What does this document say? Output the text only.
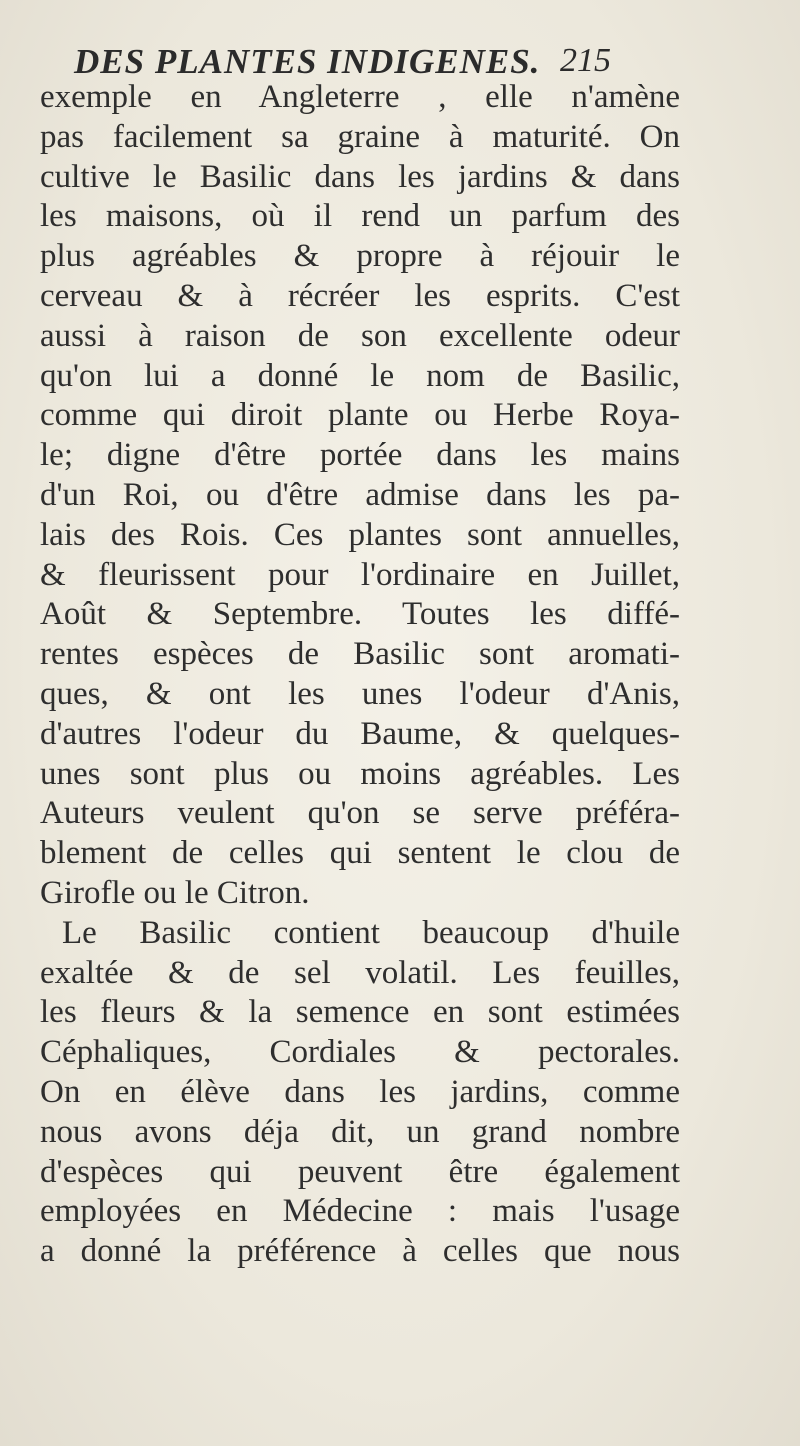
DES PLANTES INDIGENES. 215
exemple en Angleterre , elle n'amène
pas facilement sa graine à maturité. On
cultive le Basilic dans les jardins & dans
les maisons, où il rend un parfum des
plus agréables & propre à réjouir le
cerveau & à récréer les esprits. C'est
aussi à raison de son excellente odeur
qu'on lui a donné le nom de Basilic,
comme qui diroit plante ou Herbe Roya-
le; digne d'être portée dans les mains
d'un Roi, ou d'être admise dans les pa-
lais des Rois. Ces plantes sont annuelles,
& fleurissent pour l'ordinaire en Juillet,
Août & Septembre. Toutes les diffé-
rentes espèces de Basilic sont aromati-
ques, & ont les unes l'odeur d'Anis,
d'autres l'odeur du Baume, & quelques-
unes sont plus ou moins agréables. Les
Auteurs veulent qu'on se serve préféra-
blement de celles qui sentent le clou de
Girofle ou le Citron.
Le Basilic contient beaucoup d'huile
exaltée & de sel volatil. Les feuilles,
les fleurs & la semence en sont estimées
Céphaliques, Cordiales & pectorales.
On en élève dans les jardins, comme
nous avons déja dit, un grand nombre
d'espèces qui peuvent être également
employées en Médecine : mais l'usage
a donné la préférence à celles que nous
